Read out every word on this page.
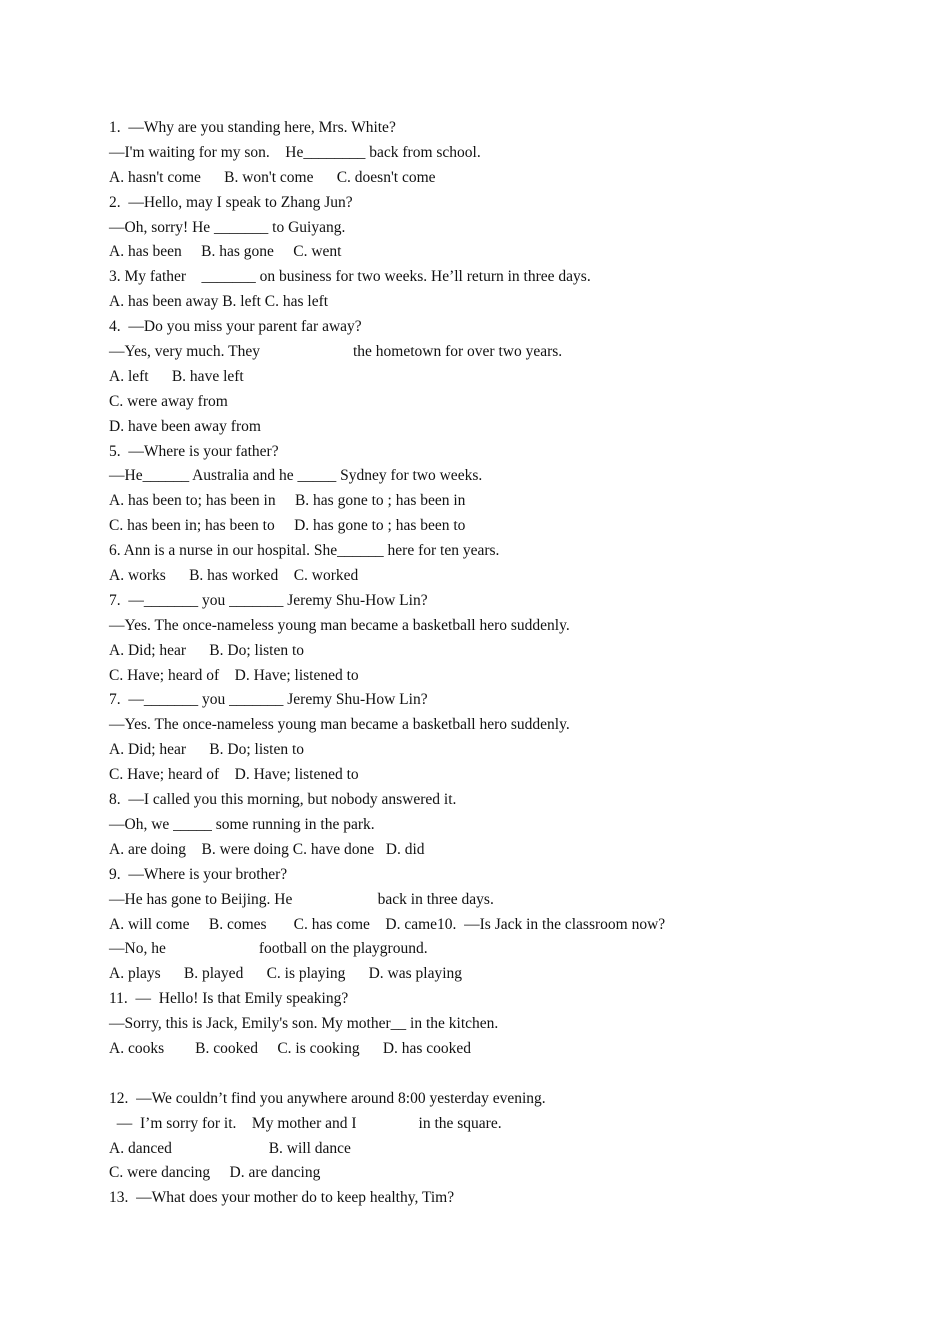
1.  —Why are you standing here, Mrs. White?
—I'm waiting for my son.    He________ back from school.
A. hasn't come      B. won't come      C. doesn't come
2.  —Hello, may I speak to Zhang Jun?
—Oh, sorry! He _______ to Guiyang.
A. has been     B. has gone     C. went
3. My father    _______ on business for two weeks. He’ll return in three days.
A. has been away B. left C. has left
4.  —Do you miss your parent far away?
—Yes, very much. They                        the hometown for over two years.
A. left      B. have left
C. were away from
D. have been away from
5.  —Where is your father?
—He______ Australia and he _____ Sydney for two weeks.
A. has been to; has been in     B. has gone to ; has been in
C. has been in; has been to     D. has gone to ; has been to
6. Ann is a nurse in our hospital. She______ here for ten years.
A. works      B. has worked    C. worked
7.  —_______ you _______ Jeremy Shu-How Lin?
—Yes. The once-nameless young man became a basketball hero suddenly.
A. Did; hear      B. Do; listen to
C. Have; heard of    D. Have; listened to
7.  —_______ you _______ Jeremy Shu-How Lin?
—Yes. The once-nameless young man became a basketball hero suddenly.
A. Did; hear      B. Do; listen to
C. Have; heard of    D. Have; listened to
8.  —I called you this morning, but nobody answered it.
—Oh, we _____ some running in the park.
A. are doing    B. were doing C. have done   D. did
9.  —Where is your brother?
—He has gone to Beijing. He                      back in three days.
A. will come     B. comes       C. has come    D. came10.  —Is Jack in the classroom now?
—No, he                        football on the playground.
A. plays      B. played      C. is playing      D. was playing
11.  —  Hello! Is that Emily speaking?
—Sorry, this is Jack, Emily's son. My mother__ in the kitchen.
A. cooks        B. cooked     C. is cooking      D. has cooked
12.  —We couldn’t find you anywhere around 8:00 yesterday evening.
—  I’m sorry for it.    My mother and I                in the square.
A. danced                         B. will dance
C. were dancing     D. are dancing
13.  —What does your mother do to keep healthy, Tim?
